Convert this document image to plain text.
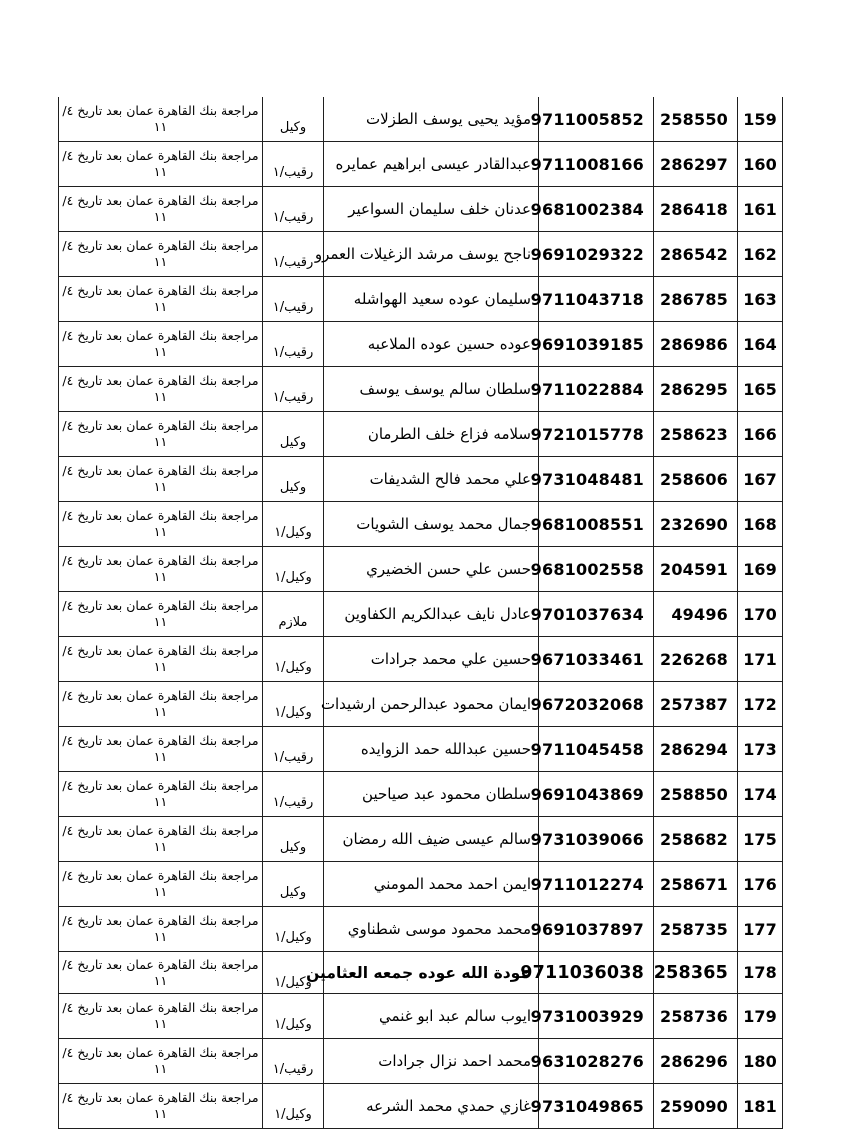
159	258550	9711005852	مؤيد يحيى يوسف الطزلات	وكيل	مراجعة بنك القاهرة عمان بعد تاريخ ٤/
١١

160	286297	9711008166	عبدالقادر عيسى ابراهيم عمايره	رقيب/١	مراجعة بنك القاهرة عمان بعد تاريخ ٤/
١١

161	286418	9681002384	عدنان خلف سليمان السواعير	رقيب/١	مراجعة بنك القاهرة عمان بعد تاريخ ٤/
١١

162	286542	9691029322	ناجح يوسف مرشد الزغيلات العمرو	رقيب/١	مراجعة بنك القاهرة عمان بعد تاريخ ٤/
١١

163	286785	9711043718	سليمان عوده سعيد الهواشله	رقيب/١	مراجعة بنك القاهرة عمان بعد تاريخ ٤/
١١

164	286986	9691039185	عوده حسين عوده الملاعبه	رقيب/١	مراجعة بنك القاهرة عمان بعد تاريخ ٤/
١١

165	286295	9711022884	سلطان سالم يوسف يوسف	رقيب/١	مراجعة بنك القاهرة عمان بعد تاريخ ٤/
١١

166	258623	9721015778	سلامه فزاع خلف الطرمان	وكيل	مراجعة بنك القاهرة عمان بعد تاريخ ٤/
١١

167	258606	9731048481	علي محمد فالح الشديفات	وكيل	مراجعة بنك القاهرة عمان بعد تاريخ ٤/
١١

168	232690	9681008551	جمال محمد يوسف الشويات	وكيل/١	مراجعة بنك القاهرة عمان بعد تاريخ ٤/
١١

169	204591	9681002558	حسن علي حسن الخضيري	وكيل/١	مراجعة بنك القاهرة عمان بعد تاريخ ٤/
١١

170	49496	9701037634	عادل نايف عبدالكريم الكفاوين	ملازم	مراجعة بنك القاهرة عمان بعد تاريخ ٤/
١١

171	226268	9671033461	حسين علي محمد جرادات	وكيل/١	مراجعة بنك القاهرة عمان بعد تاريخ ٤/
١١

172	257387	9672032068	ايمان محمود عبدالرحمن ارشيدات	وكيل/١	مراجعة بنك القاهرة عمان بعد تاريخ ٤/
١١

173	286294	9711045458	حسين عبدالله حمد الزوايده	رقيب/١	مراجعة بنك القاهرة عمان بعد تاريخ ٤/
١١

174	258850	9691043869	سلطان محمود عبد صياحين	رقيب/١	مراجعة بنك القاهرة عمان بعد تاريخ ٤/
١١

175	258682	9731039066	سالم عيسى ضيف الله رمضان	وكيل	مراجعة بنك القاهرة عمان بعد تاريخ ٤/
١١

176	258671	9711012274	ايمن احمد محمد المومني	وكيل	مراجعة بنك القاهرة عمان بعد تاريخ ٤/
١١

177	258735	9691037897	محمد محمود موسى شطناوي	وكيل/١	مراجعة بنك القاهرة عمان بعد تاريخ ٤/
١١

178	258365	9711036038	عودة الله عوده جمعه العثامين	وكيل/١	مراجعة بنك القاهرة عمان بعد تاريخ ٤/
١١

179	258736	9731003929	ايوب سالم عبد ابو غنمي	وكيل/١	مراجعة بنك القاهرة عمان بعد تاريخ ٤/
١١

180	286296	9631028276	محمد احمد نزال جرادات	رقيب/١	مراجعة بنك القاهرة عمان بعد تاريخ ٤/
١١

181	259090	9731049865	غازي حمدي محمد الشرعه	وكيل/١	مراجعة بنك القاهرة عمان بعد تاريخ ٤/
١١
